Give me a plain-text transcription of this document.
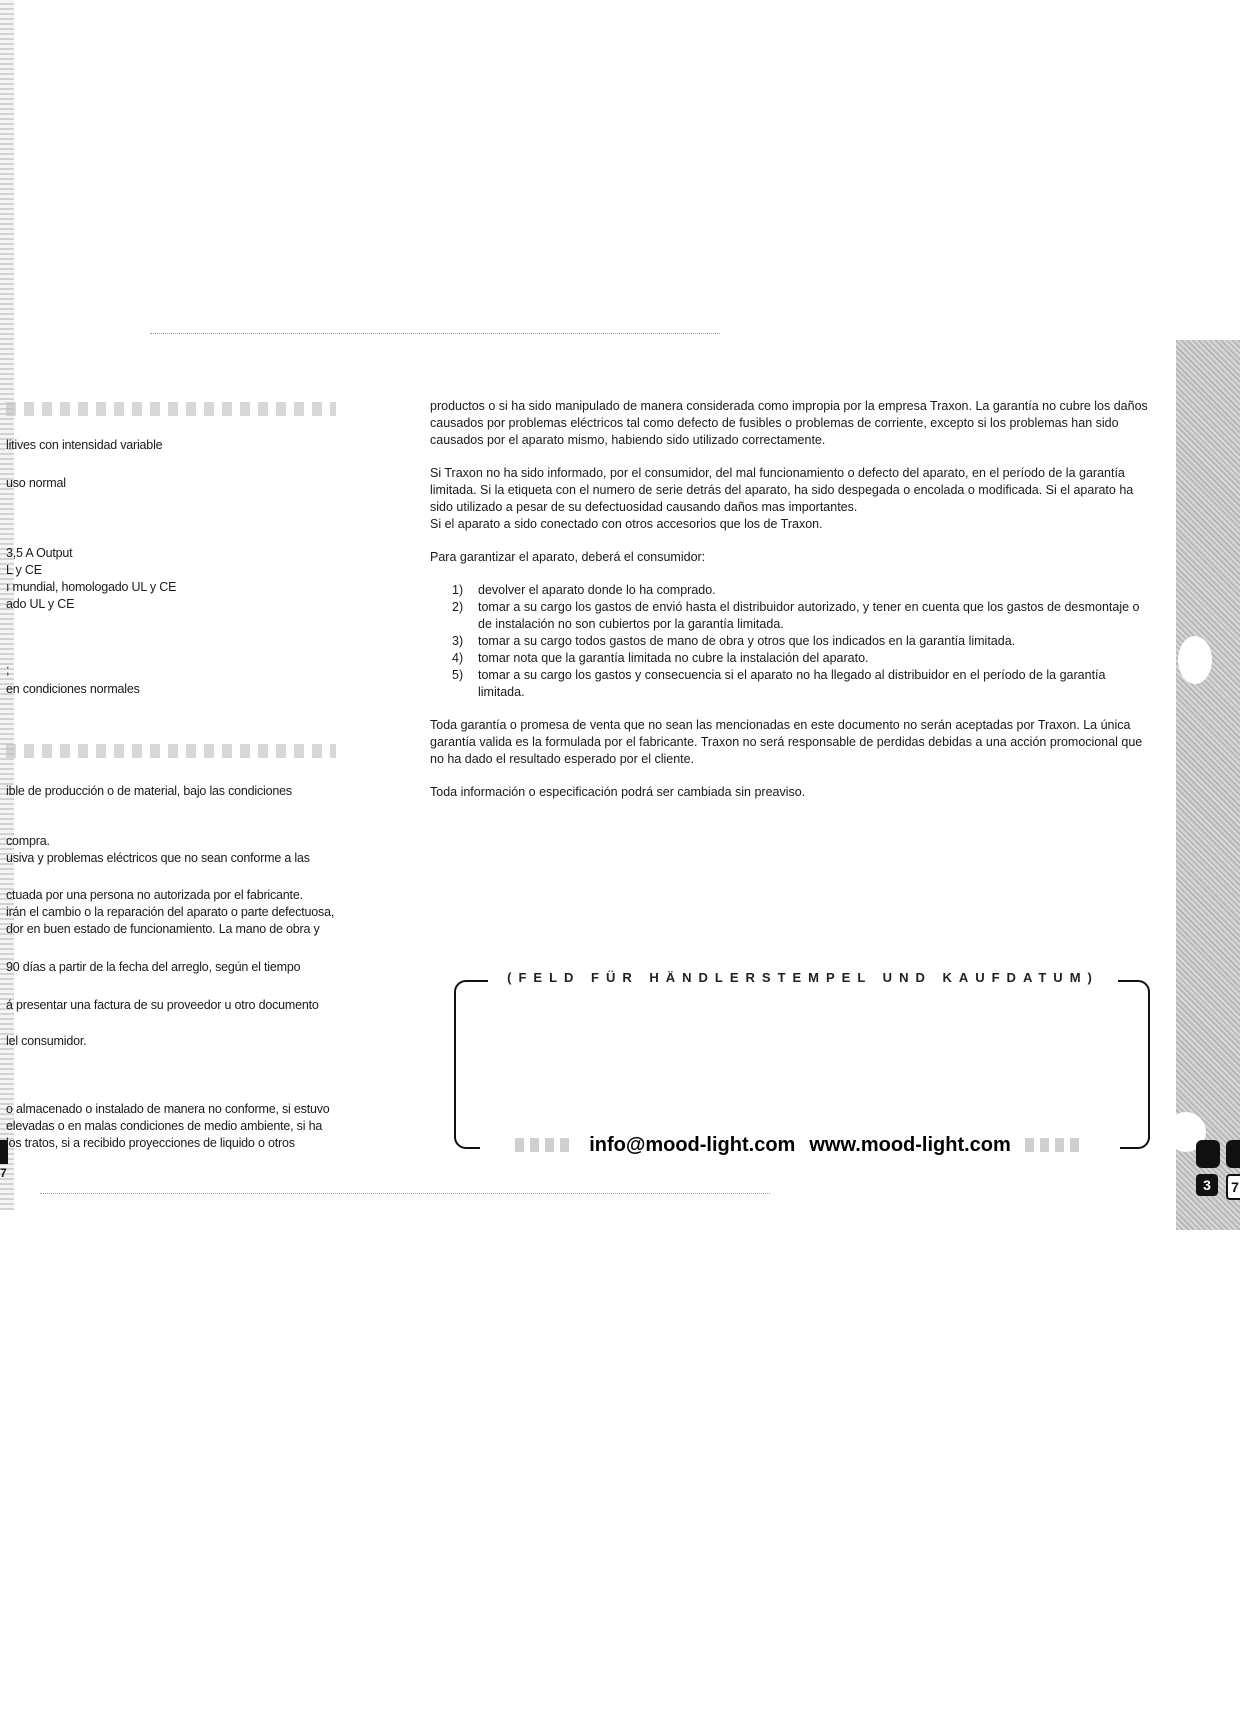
7
litives con intensidad variable
uso normal
3,5 A Output
L y CE
ı mundial, homologado UL y CE
ado UL y CE
;
en condiciones normales
ible de producción o de material, bajo las condiciones
compra.
usiva y problemas eléctricos que no sean conforme a las
ctuada por una persona no autorizada por el fabricante.
irán el cambio o la reparación del aparato o parte defectuosa,
dor en buen estado de funcionamiento. La mano de obra y
90 días a partir de la fecha del arreglo, según el tiempo
á presentar una factura de su proveedor u otro documento
lel consumidor.
o almacenado o instalado de manera no conforme, si estuvo
elevadas o en malas condiciones de medio ambiente, si ha
los tratos, si a recibido proyecciones de liquido o otros

productos o si ha sido manipulado de manera considerada como impropia por la empresa Traxon. La garantía no cubre los daños causados por problemas eléctricos tal como defecto de fusibles o problemas de corriente, excepto si los problemas han sido causados por el aparato mismo, habiendo sido utilizado correctamente.

Si Traxon no ha sido informado, por el consumidor, del mal funcionamiento o defecto del aparato, en el período de la garantía limitada. Si la etiqueta con el numero de serie detrás del aparato, ha sido despegada o encolada o modificada. Si el aparato ha sido utilizado a pesar de su defectuosidad causando daños mas importantes.
Si el aparato a sido conectado con otros accesorios que los de Traxon.

Para garantizar el aparato, deberá el consumidor:

1)	devolver el aparato donde lo ha comprado.
2)	tomar a su cargo los gastos de envió hasta el distribuidor autorizado, y tener en cuenta que los gastos de desmontaje o de instalación no son cubiertos por la garantía limitada.
3)	tomar a su cargo todos gastos de mano de obra y otros que los indicados en la garantía limitada.
4)	tomar nota que la garantía limitada no cubre la instalación del aparato.
5)	tomar a su cargo los gastos y consecuencia si el aparato no ha llegado al distribuidor en el período de la garantía limitada.

Toda garantía o promesa de venta que no sean las mencionadas en este documento no serán aceptadas por Traxon. La única garantía valida es la formulada por el fabricante. Traxon no será responsable de perdidas debidas a una acción promocional que no ha dado el resultado esperado por el cliente.

Toda información o especificación podrá ser cambiada sin preaviso.

(FELD FÜR HÄNDLERSTEMPEL UND KAUFDATUM)
info@mood-light.com www.mood-light.com
3	7
